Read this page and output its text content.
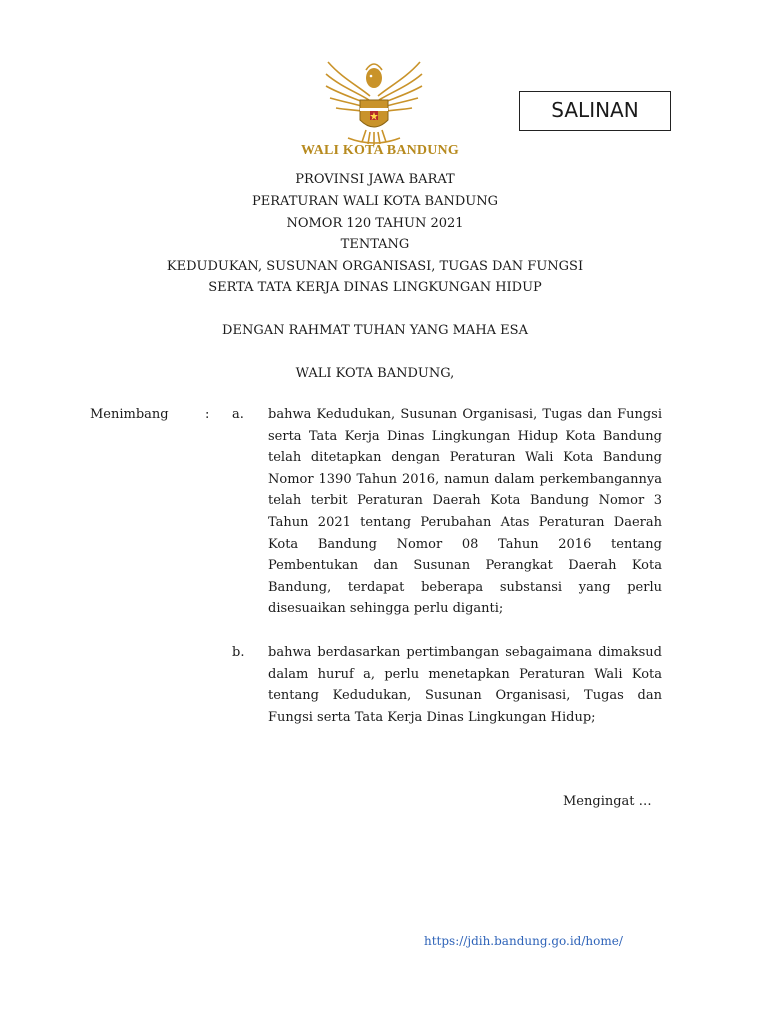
WALI KOTA BANDUNG
SALINAN
PROVINSI JAWA BARAT
PERATURAN WALI KOTA BANDUNG
NOMOR 120 TAHUN 2021
TENTANG
KEDUDUKAN, SUSUNAN ORGANISASI, TUGAS DAN FUNGSI
SERTA TATA KERJA DINAS LINGKUNGAN HIDUP
DENGAN RAHMAT TUHAN YANG MAHA ESA
WALI KOTA BANDUNG,
Menimbang	: a. bahwa Kedudukan, Susunan Organisasi, Tugas dan Fungsi serta Tata Kerja Dinas Lingkungan Hidup Kota Bandung telah ditetapkan dengan Peraturan Wali Kota Bandung Nomor 1390 Tahun 2016, namun dalam perkembangannya telah terbit Peraturan Daerah Kota Bandung Nomor 3 Tahun 2021 tentang Perubahan Atas Peraturan Daerah Kota Bandung Nomor 08 Tahun 2016 tentang Pembentukan dan Susunan Perangkat Daerah Kota Bandung, terdapat beberapa substansi yang perlu disesuaikan sehingga perlu diganti;
b. bahwa berdasarkan pertimbangan sebagaimana dimaksud dalam huruf a, perlu menetapkan Peraturan Wali Kota tentang Kedudukan, Susunan Organisasi, Tugas dan Fungsi serta Tata Kerja Dinas Lingkungan Hidup;
Mengingat …
https://jdih.bandung.go.id/home/
